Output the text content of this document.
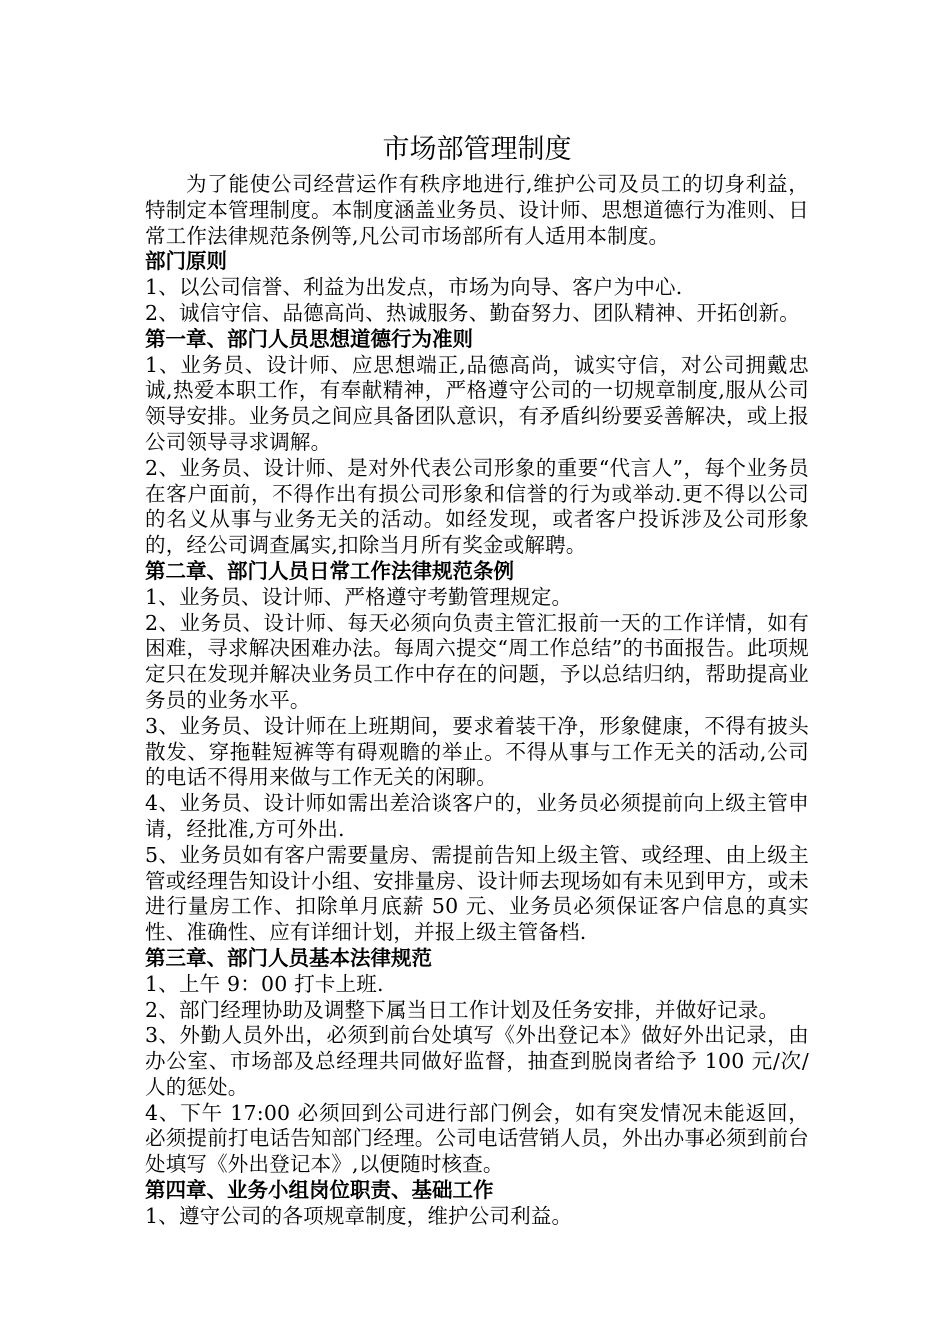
市场部管理制度

为了能使公司经营运作有秩序地进行,维护公司及员工的切身利益，特制定本管理制度。本制度涵盖业务员、设计师、思想道德行为准则、日常工作法律规范条例等,凡公司市场部所有人适用本制度。

部门原则

1、以公司信誉、利益为出发点，市场为向导、客户为中心.

2、诚信守信、品德高尚、热诚服务、勤奋努力、团队精神、开拓创新。

第一章、部门人员思想道德行为准则

1、业务员、设计师、应思想端正,品德高尚，诚实守信，对公司拥戴忠诚,热爱本职工作，有奉献精神，严格遵守公司的一切规章制度,服从公司领导安排。业务员之间应具备团队意识，有矛盾纠纷要妥善解决，或上报公司领导寻求调解。

2、业务员、设计师、是对外代表公司形象的重要“代言人”，每个业务员在客户面前，不得作出有损公司形象和信誉的行为或举动.更不得以公司的名义从事与业务无关的活动。如经发现，或者客户投诉涉及公司形象的，经公司调查属实,扣除当月所有奖金或解聘。

第二章、部门人员日常工作法律规范条例

1、业务员、设计师、严格遵守考勤管理规定。

2、业务员、设计师、每天必须向负责主管汇报前一天的工作详情，如有困难，寻求解决困难办法。每周六提交“周工作总结”的书面报告。此项规定只在发现并解决业务员工作中存在的问题，予以总结归纳，帮助提高业务员的业务水平。

3、业务员、设计师在上班期间，要求着装干净，形象健康，不得有披头散发、穿拖鞋短裤等有碍观瞻的举止。不得从事与工作无关的活动,公司的电话不得用来做与工作无关的闲聊。

4、业务员、设计师如需出差洽谈客户的，业务员必须提前向上级主管申请，经批准,方可外出.

5、业务员如有客户需要量房、需提前告知上级主管、或经理、由上级主管或经理告知设计小组、安排量房、设计师去现场如有未见到甲方，或未进行量房工作、扣除单月底薪 50 元、业务员必须保证客户信息的真实性、准确性、应有详细计划，并报上级主管备档.

第三章、部门人员基本法律规范

1、上午 9：00 打卡上班.

2、部门经理协助及调整下属当日工作计划及任务安排，并做好记录。

3、外勤人员外出，必须到前台处填写《外出登记本》做好外出记录，由办公室、市场部及总经理共同做好监督，抽查到脱岗者给予 100 元/次/人的惩处。

4、下午 17:00 必须回到公司进行部门例会，如有突发情况未能返回，必须提前打电话告知部门经理。公司电话营销人员，外出办事必须到前台处填写《外出登记本》,以便随时核查。

第四章、业务小组岗位职责、基础工作

1、遵守公司的各项规章制度，维护公司利益。
